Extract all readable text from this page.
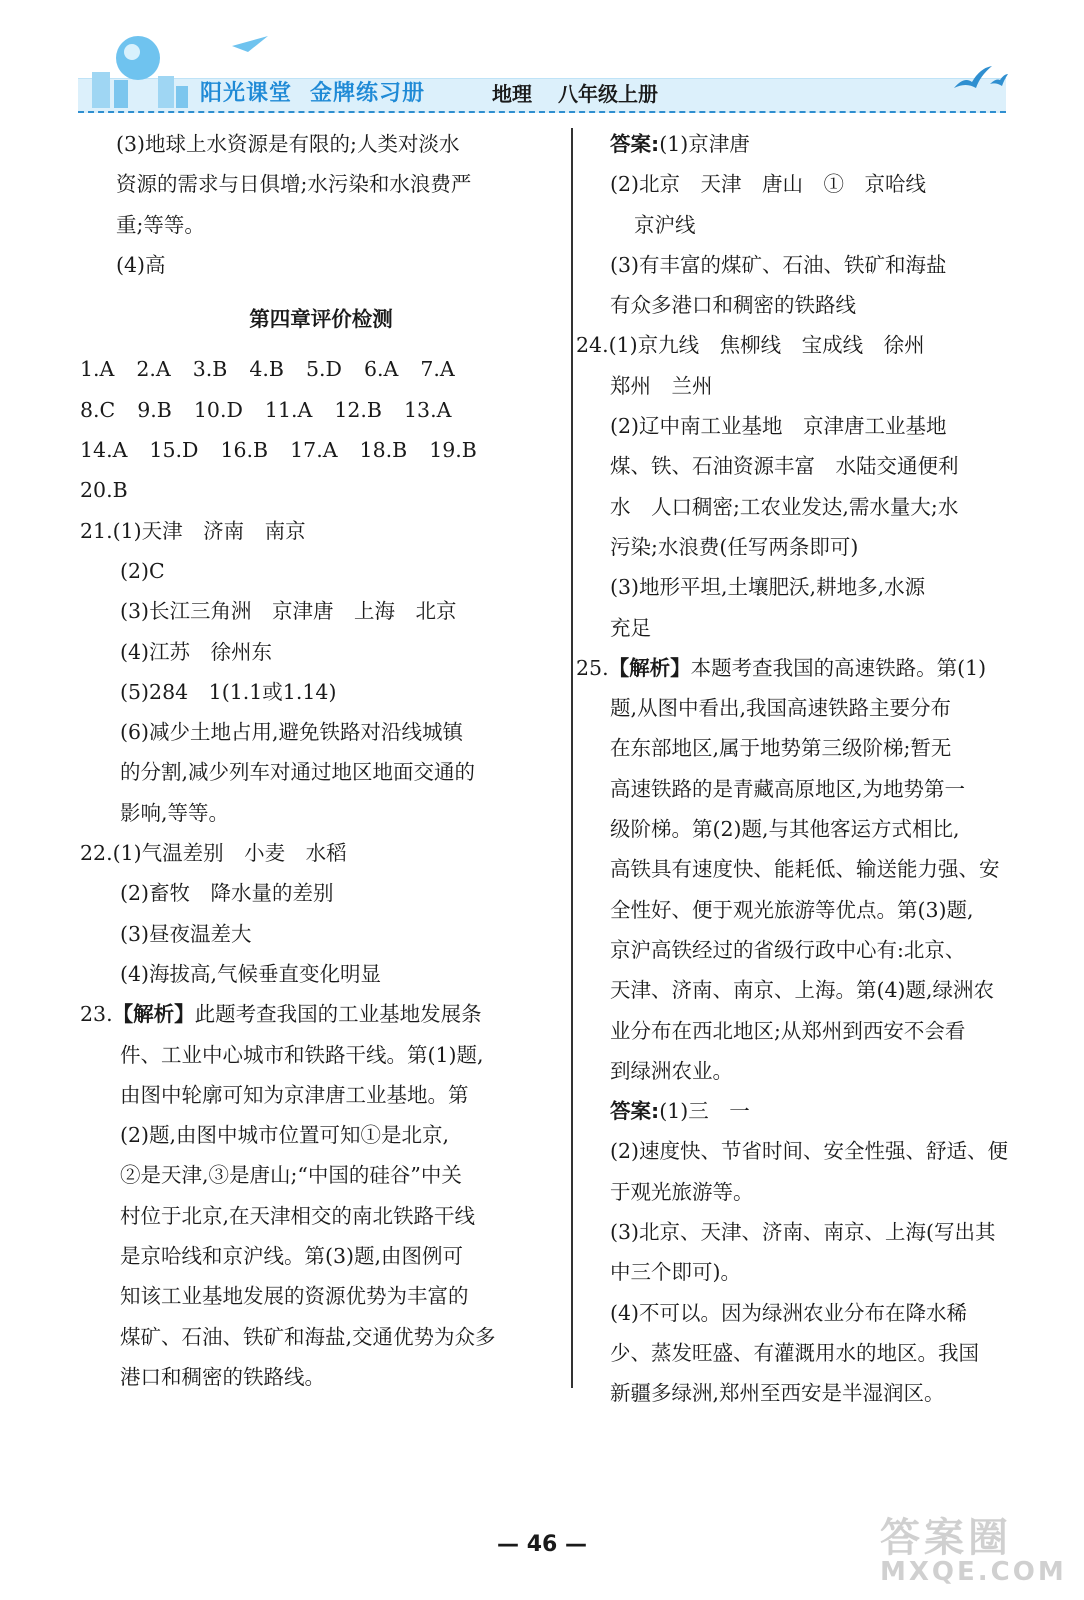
阳光课堂 金牌练习册	地理 八年级上册
(3)地球上水资源是有限的;人类对淡水
资源的需求与日俱增;水污染和水浪费严
重;等等。
(4)高
第四章评价检测
1.A 2.A 3.B 4.B 5.D 6.A 7.A
8.C 9.B 10.D 11.A 12.B 13.A
14.A 15.D 16.B 17.A 18.B 19.B
20.B
21.(1)天津　济南　南京
(2)C
(3)长江三角洲　京津唐　上海　北京
(4)江苏　徐州东
(5)284　1(1.1或1.14)
(6)减少土地占用,避免铁路对沿线城镇
的分割,减少列车对通过地区地面交通的
影响,等等。
22.(1)气温差别　小麦　水稻
(2)畜牧　降水量的差别
(3)昼夜温差大
(4)海拔高,气候垂直变化明显
23.【解析】此题考查我国的工业基地发展条
件、工业中心城市和铁路干线。第(1)题,
由图中轮廓可知为京津唐工业基地。第
(2)题,由图中城市位置可知①是北京,
②是天津,③是唐山;“中国的硅谷”中关
村位于北京,在天津相交的南北铁路干线
是京哈线和京沪线。第(3)题,由图例可
知该工业基地发展的资源优势为丰富的
煤矿、石油、铁矿和海盐,交通优势为众多
港口和稠密的铁路线。
答案:(1)京津唐
(2)北京　天津　唐山　①　京哈线
京沪线
(3)有丰富的煤矿、石油、铁矿和海盐
有众多港口和稠密的铁路线
24.(1)京九线　焦柳线　宝成线　徐州
郑州　兰州
(2)辽中南工业基地　京津唐工业基地
煤、铁、石油资源丰富　水陆交通便利
水　人口稠密;工农业发达,需水量大;水
污染;水浪费(任写两条即可)
(3)地形平坦,土壤肥沃,耕地多,水源
充足
25.【解析】本题考查我国的高速铁路。第(1)
题,从图中看出,我国高速铁路主要分布
在东部地区,属于地势第三级阶梯;暂无
高速铁路的是青藏高原地区,为地势第一
级阶梯。第(2)题,与其他客运方式相比,
高铁具有速度快、能耗低、输送能力强、安
全性好、便于观光旅游等优点。第(3)题,
京沪高铁经过的省级行政中心有:北京、
天津、济南、南京、上海。第(4)题,绿洲农
业分布在西北地区;从郑州到西安不会看
到绿洲农业。
答案:(1)三　一
(2)速度快、节省时间、安全性强、舒适、便
于观光旅游等。
(3)北京、天津、济南、南京、上海(写出其
中三个即可)。
(4)不可以。因为绿洲农业分布在降水稀
少、蒸发旺盛、有灌溉用水的地区。我国
新疆多绿洲,郑州至西安是半湿润区。
— 46 —	答案圈
MXQE.COM
